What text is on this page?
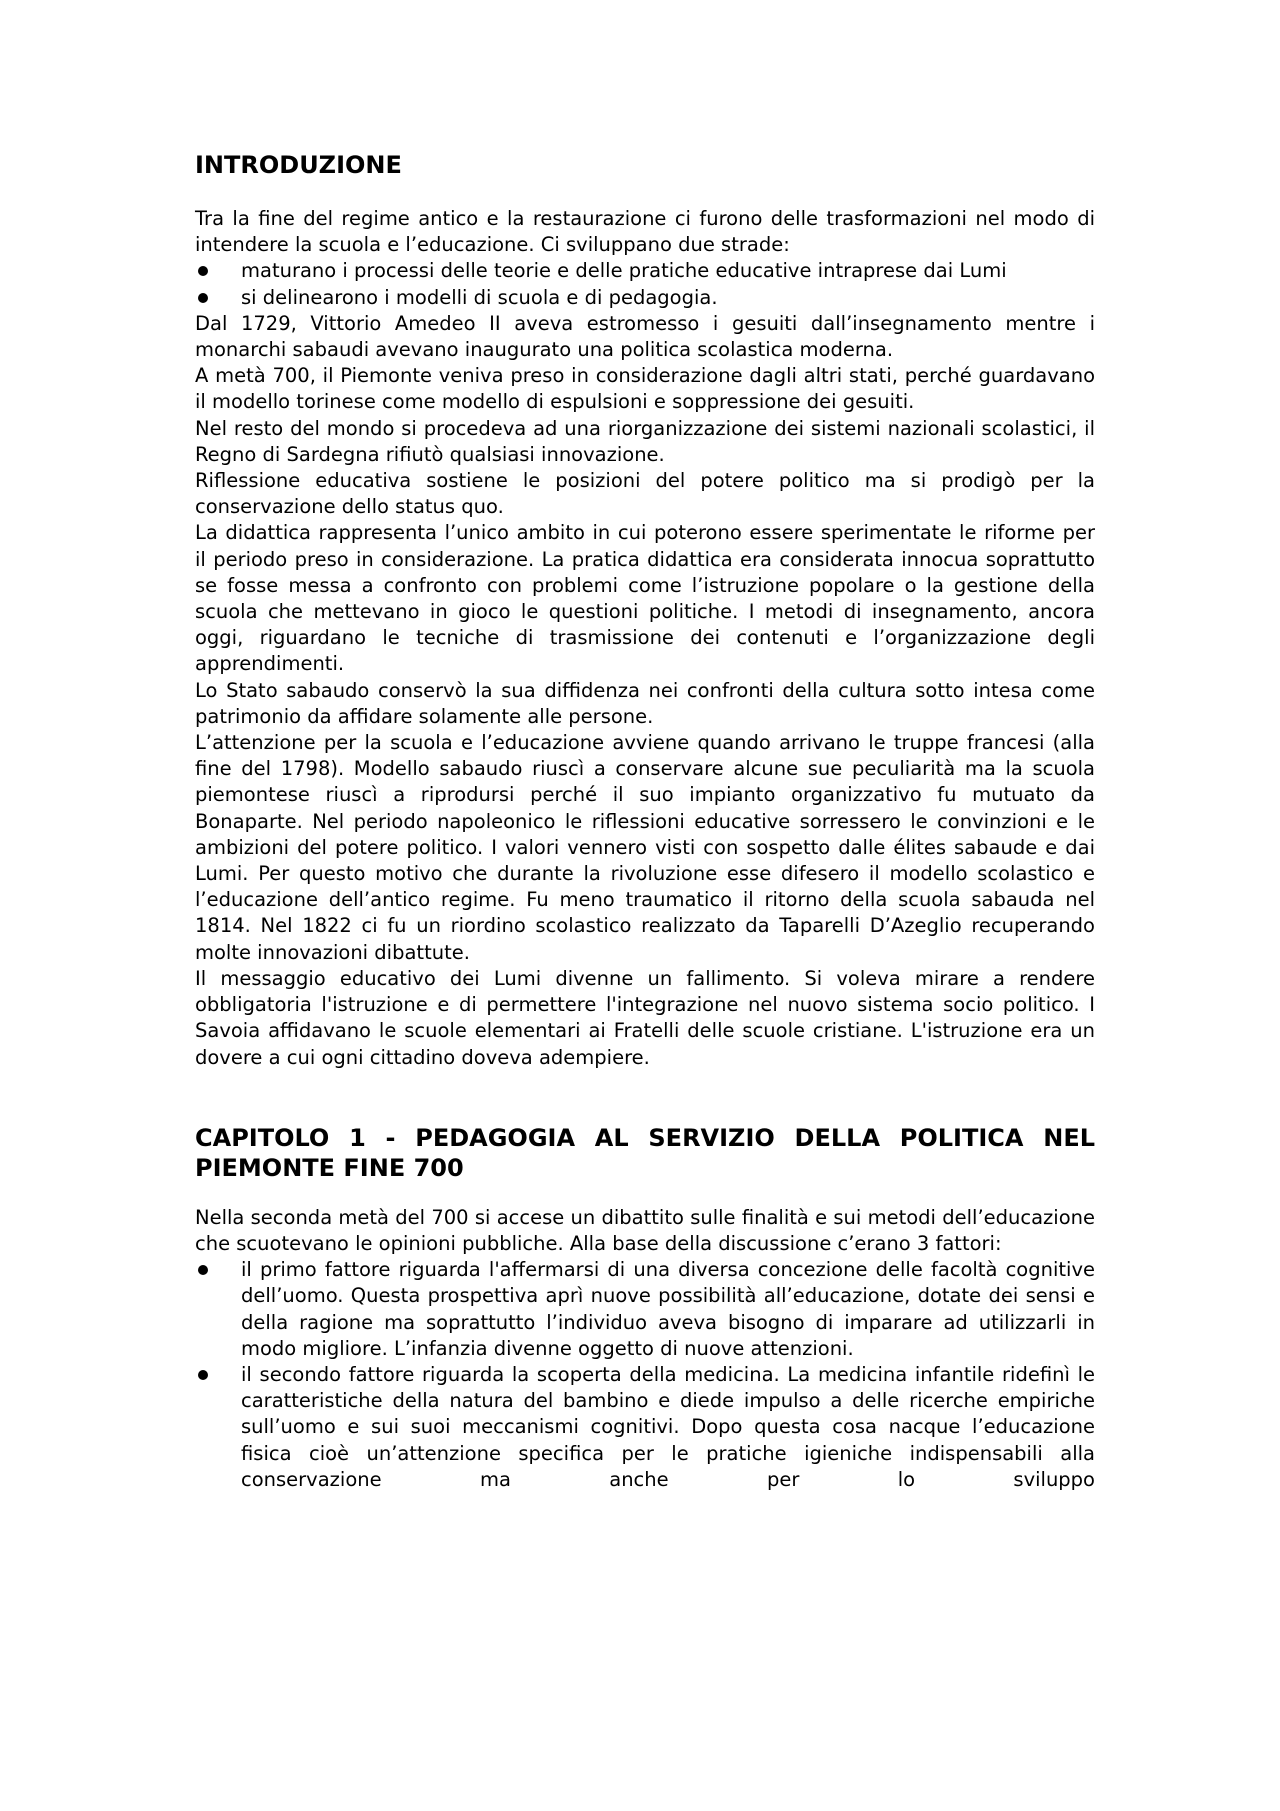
INTRODUZIONE

Tra la fine del regime antico e la restaurazione ci furono delle trasformazioni nel modo di intendere la scuola e l’educazione. Ci sviluppano due strade:

maturano i processi delle teorie e delle pratiche educative intraprese dai Lumi
si delinearono i modelli di scuola e di pedagogia.

Dal 1729, Vittorio Amedeo II aveva estromesso i gesuiti dall’insegnamento mentre i monarchi sabaudi avevano inaugurato una politica scolastica moderna.

A metà 700, il Piemonte veniva preso in considerazione dagli altri stati, perché guardavano il modello torinese come modello di espulsioni e soppressione dei gesuiti.

Nel resto del mondo si procedeva ad una riorganizzazione dei sistemi nazionali scolastici, il Regno di Sardegna rifiutò qualsiasi innovazione.

Riflessione educativa sostiene le posizioni del potere politico ma si prodigò per la conservazione dello status quo.

La didattica rappresenta l’unico ambito in cui poterono essere sperimentate le riforme per il periodo preso in considerazione. La pratica didattica era considerata innocua soprattutto se fosse messa a confronto con problemi come l’istruzione popolare o la gestione della scuola che mettevano in gioco le questioni politiche. I metodi di insegnamento, ancora oggi, riguardano le tecniche di trasmissione dei contenuti e l’organizzazione degli apprendimenti.

Lo Stato sabaudo conservò la sua diffidenza nei confronti della cultura sotto intesa come patrimonio da affidare solamente alle persone.

L’attenzione per la scuola e l’educazione avviene quando arrivano le truppe francesi (alla fine del 1798). Modello sabaudo riuscì a conservare alcune sue peculiarità ma la scuola piemontese riuscì a riprodursi perché il suo impianto organizzativo fu mutuato da Bonaparte. Nel periodo napoleonico le riflessioni educative sorressero le convinzioni e le ambizioni del potere politico. I valori vennero visti con sospetto dalle élites sabaude e dai Lumi. Per questo motivo che durante la rivoluzione esse difesero il modello scolastico e l’educazione dell’antico regime. Fu meno traumatico il ritorno della scuola sabauda nel 1814. Nel 1822 ci fu un riordino scolastico realizzato da Taparelli D’Azeglio recuperando molte innovazioni dibattute.

Il messaggio educativo dei Lumi divenne un fallimento. Si voleva mirare a rendere obbligatoria l'istruzione e di permettere l'integrazione nel nuovo sistema socio politico. I Savoia affidavano le scuole elementari ai Fratelli delle scuole cristiane. L'istruzione era un dovere a cui ogni cittadino doveva adempiere.

CAPITOLO 1 - PEDAGOGIA AL SERVIZIO DELLA POLITICA NEL PIEMONTE FINE 700

Nella seconda metà del 700 si accese un dibattito sulle finalità e sui metodi dell’educazione che scuotevano le opinioni pubbliche. Alla base della discussione c’erano 3 fattori:

il primo fattore riguarda l'affermarsi di una diversa concezione delle facoltà cognitive dell’uomo. Questa prospettiva aprì nuove possibilità all’educazione, dotate dei sensi e della ragione ma soprattutto l’individuo aveva bisogno di imparare ad utilizzarli in modo migliore. L’infanzia divenne oggetto di nuove attenzioni.
il secondo fattore riguarda la scoperta della medicina. La medicina infantile ridefinì le caratteristiche della natura del bambino e diede impulso a delle ricerche empiriche sull’uomo e sui suoi meccanismi cognitivi. Dopo questa cosa nacque l’educazione fisica cioè un’attenzione specifica per le pratiche igieniche indispensabili alla conservazione ma anche per lo sviluppo
